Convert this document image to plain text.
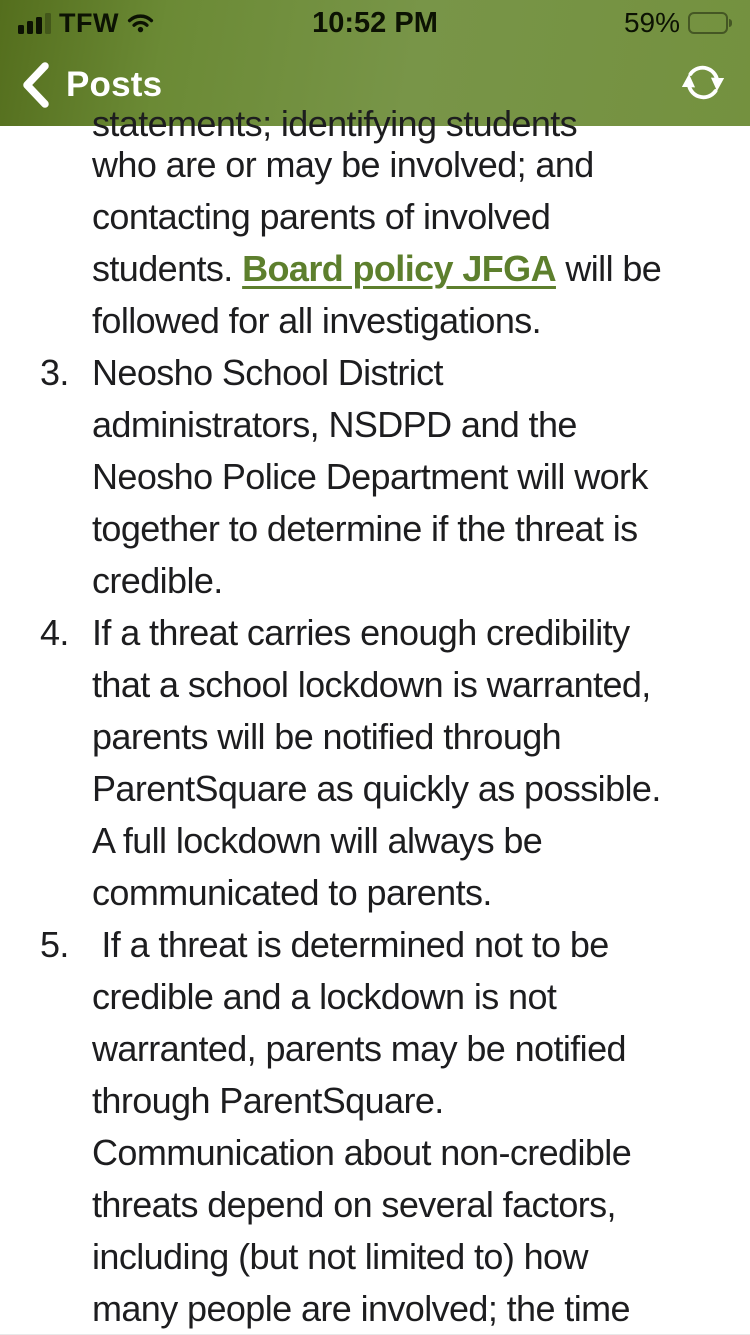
TFW	10:52 PM	59%
Posts
statements; identifying students
who are or may be involved; and
contacting parents of involved
students. Board policy JFGA will be
followed for all investigations.
3. Neosho School District
administrators, NSDPD and the
Neosho Police Department will work
together to determine if the threat is
credible.
4. If a threat carries enough credibility
that a school lockdown is warranted,
parents will be notified through
ParentSquare as quickly as possible.
A full lockdown will always be
communicated to parents.
5. If a threat is determined not to be
credible and a lockdown is not
warranted, parents may be notified
through ParentSquare.
Communication about non-credible
threats depend on several factors,
including (but not limited to) how
many people are involved; the time
